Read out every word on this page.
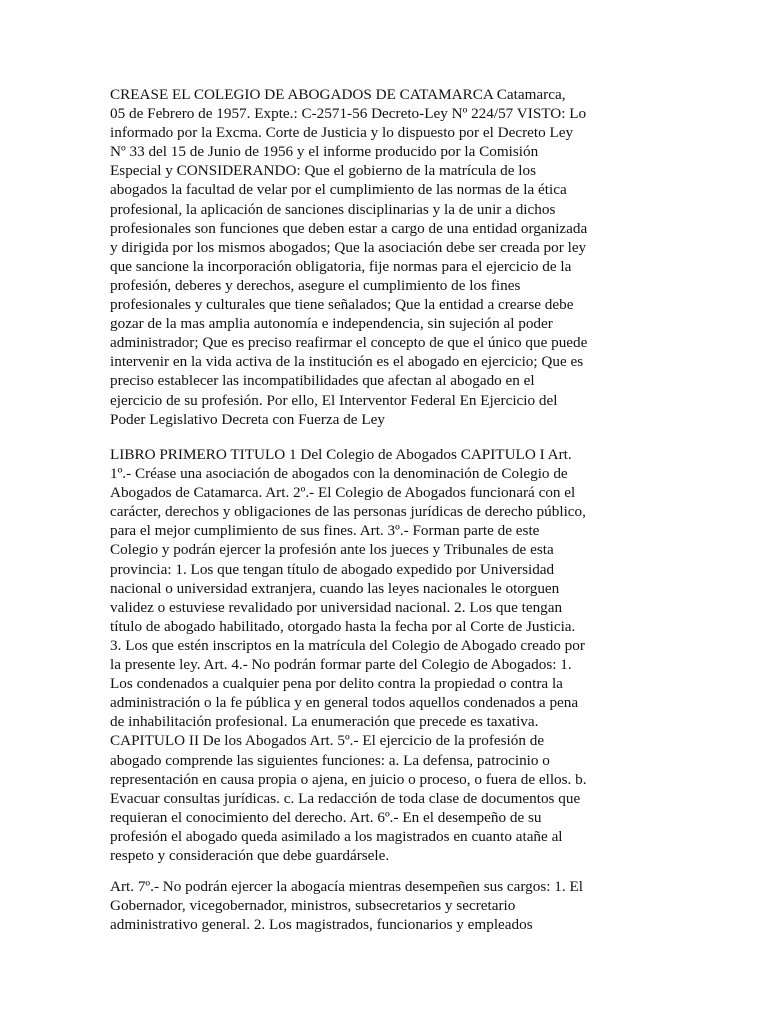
CREASE EL COLEGIO DE ABOGADOS DE CATAMARCA Catamarca,
05 de Febrero de 1957. Expte.: C-2571-56 Decreto-Ley Nº 224/57 VISTO: Lo
informado por la Excma. Corte de Justicia y lo dispuesto por el Decreto Ley
Nº 33 del 15 de Junio de 1956 y el informe producido por la Comisión
Especial y CONSIDERANDO: Que el gobierno de la matrícula de los
abogados la facultad de velar por el cumplimiento de las normas de la ética
profesional, la aplicación de sanciones disciplinarias y la de unir a dichos
profesionales son funciones que deben estar a cargo de una entidad organizada
y dirigida por los mismos abogados; Que la asociación debe ser creada por ley
que sancione la incorporación obligatoria, fije normas para el ejercicio de la
profesión, deberes y derechos, asegure el cumplimiento de los fines
profesionales y culturales que tiene señalados; Que la entidad a crearse debe
gozar de la mas amplia autonomía e independencia, sin sujeción al poder
administrador; Que es preciso reafirmar el concepto de que el único que puede
intervenir en la vida activa de la institución es el abogado en ejercicio; Que es
preciso establecer las incompatibilidades que afectan al abogado en el
ejercicio de su profesión. Por ello, El Interventor Federal En Ejercicio del
Poder Legislativo Decreta con Fuerza de Ley
LIBRO PRIMERO TITULO 1 Del Colegio de Abogados CAPITULO I Art.
1º.- Créase una asociación de abogados con la denominación de Colegio de
Abogados de Catamarca. Art. 2º.- El Colegio de Abogados funcionará con el
carácter, derechos y obligaciones de las personas jurídicas de derecho público,
para el mejor cumplimiento de sus fines. Art. 3º.- Forman parte de este
Colegio y podrán ejercer la profesión ante los jueces y Tribunales de esta
provincia: 1. Los que tengan título de abogado expedido por Universidad
nacional o universidad extranjera, cuando las leyes nacionales le otorguen
validez o estuviese revalidado por universidad nacional. 2. Los que tengan
título de abogado habilitado, otorgado hasta la fecha por al Corte de Justicia.
3. Los que estén inscriptos en la matrícula del Colegio de Abogado creado por
la presente ley. Art. 4.- No podrán formar parte del Colegio de Abogados: 1.
Los condenados a cualquier pena por delito contra la propiedad o contra la
administración o la fe pública y en general todos aquellos condenados a pena
de inhabilitación profesional. La enumeración que precede es taxativa.
CAPITULO II De los Abogados Art. 5º.- El ejercicio de la profesión de
abogado comprende las siguientes funciones: a. La defensa, patrocinio o
representación en causa propia o ajena, en juicio o proceso, o fuera de ellos. b.
Evacuar consultas jurídicas. c. La redacción de toda clase de documentos que
requieran el conocimiento del derecho. Art. 6º.- En el desempeño de su
profesión el abogado queda asimilado a los magistrados en cuanto atañe al
respeto y consideración que debe guardársele.
Art. 7º.- No podrán ejercer la abogacía mientras desempeñen sus cargos: 1. El
Gobernador, vicegobernador, ministros, subsecretarios y secretario
administrativo general. 2. Los magistrados, funcionarios y empleados
